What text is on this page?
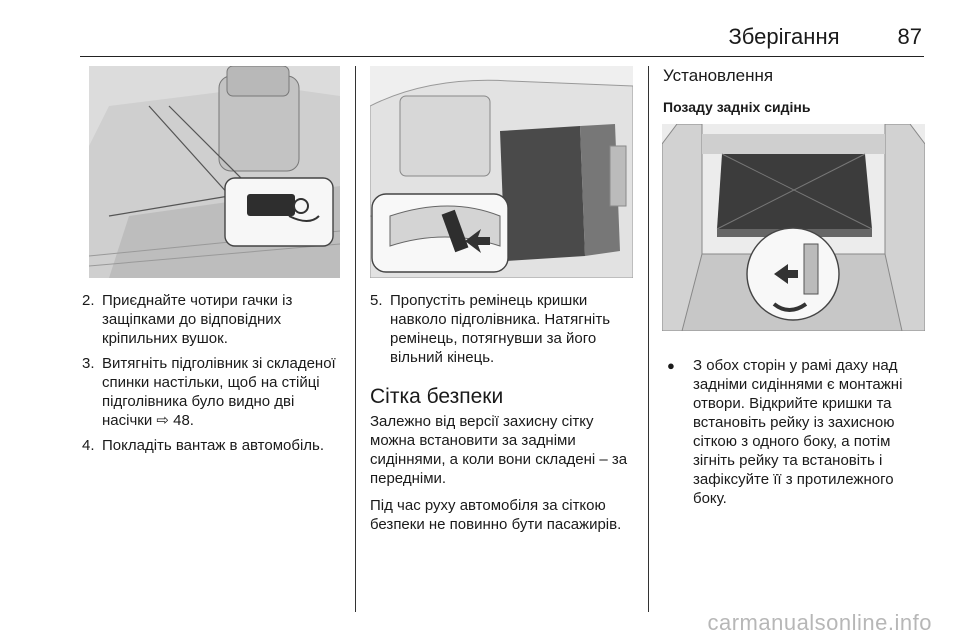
Зберігання	87
2. Приєднайте чотири гачки із защіпками до відповідних кріпильних вушок.
3. Витягніть підголівник зі складеної спинки настільки, щоб на стійці підголівника було видно дві насічки ⇨ 48.
4. Покладіть вантаж в автомобіль.
5. Пропустіть ремінець кришки навколо підголівника. Натягніть ремінець, потягнувши за його вільний кінець.
Сітка безпеки

Залежно від версії захисну сітку можна встановити за задніми сидіннями, а коли вони складені – за передніми.

Під час руху автомобіля за сіткою безпеки не повинно бути пасажирів.

Установлення
Позаду задніх сидінь
●	З обох сторін у рамі даху над задніми сидіннями є монтажні отвори. Відкрийте кришки та встановіть рейку із захисною сіткою з одного боку, а потім зігніть рейку та встановіть і зафіксуйте її з протилежного боку.
carmanualsonline.info
